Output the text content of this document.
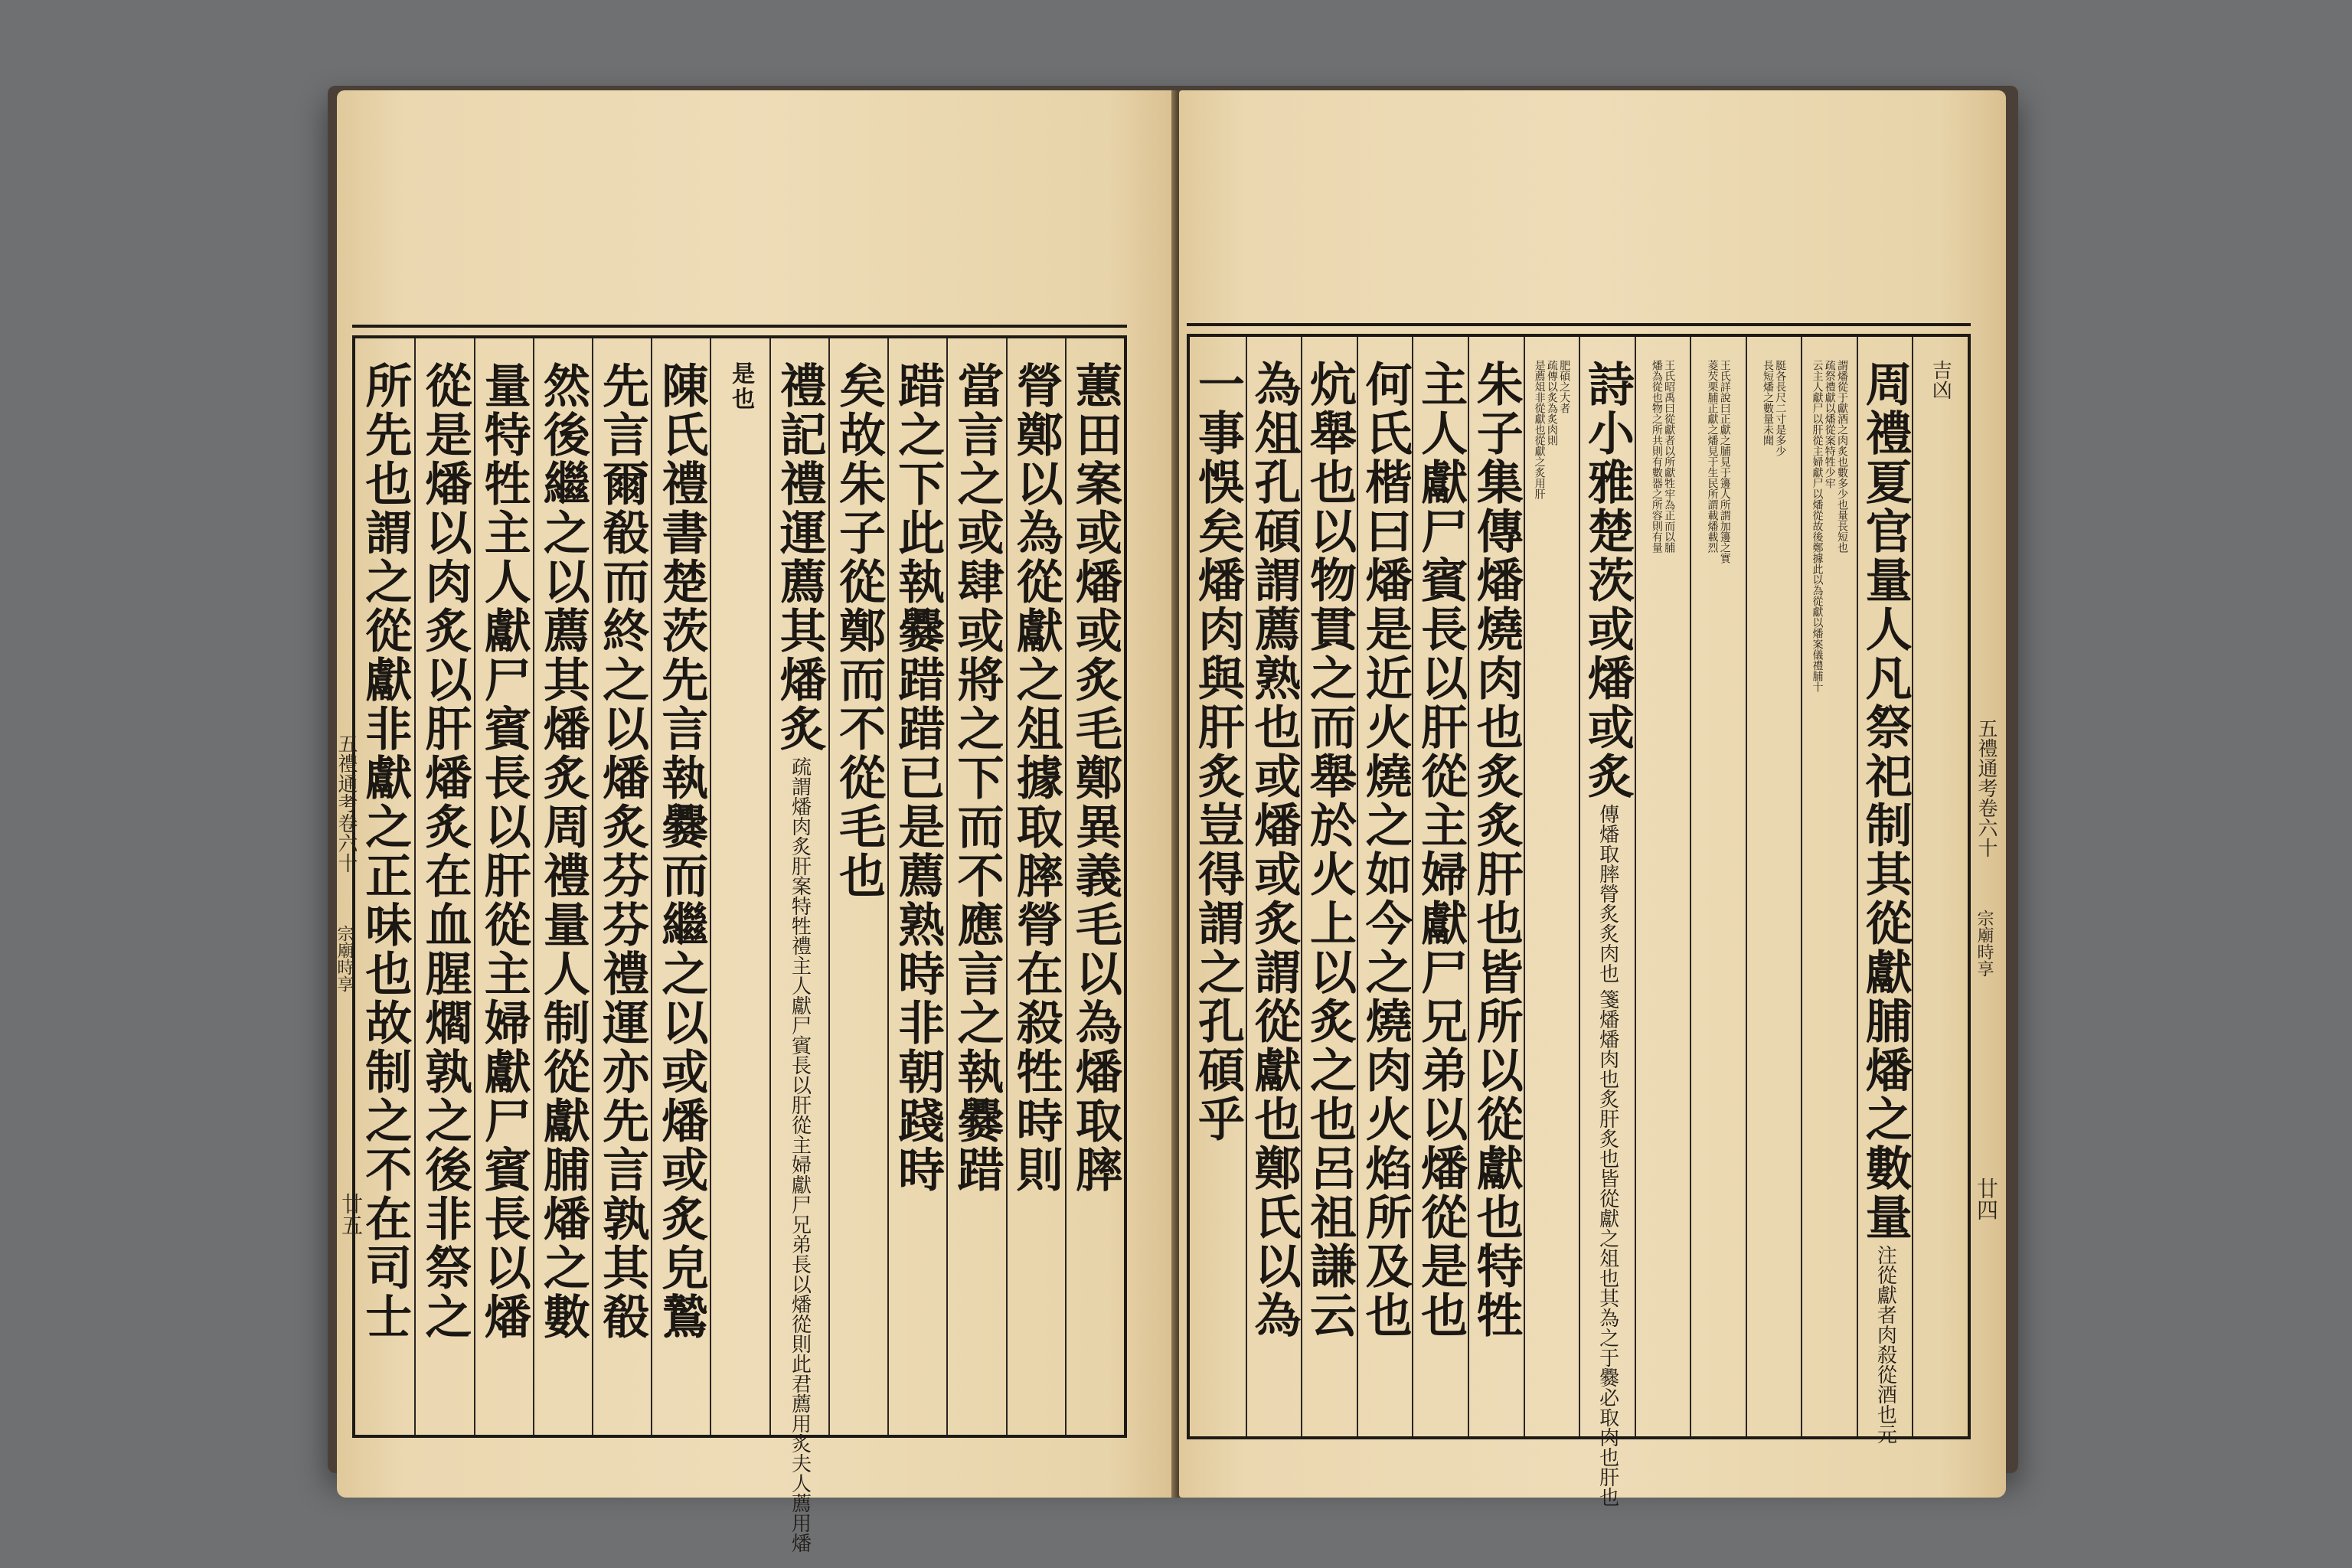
蕙田案或燔或炙毛鄭異義毛以為燔取膟
膋鄭以為從獻之俎據取膟膋在殺牲時則
當言之或肆或將之下而不應言之執爨踖
踖之下此執爨踖踖已是薦熟時非朝踐時
矣故朱子從鄭而不從毛也
禮記禮運薦其燔炙
疏謂燔肉炙肝案特牲禮主人獻尸賓長以肝從主婦獻尸兄弟長以燔從則此君薦用炙夫人薦用燔
是也
陳氏禮書楚茨先言執爨而繼之以或燔或炙皃鷙
先言爾殽而終之以燔炙芬芬禮運亦先言孰其殽
然後繼之以薦其燔炙周禮量人制從獻脯燔之數
量特牲主人獻尸賓長以肝從主婦獻尸賓長以燔
從是燔以肉炙以肝燔炙在血腥爓孰之後非祭之
所先也謂之從獻非獻之正味也故制之不在司士
五禮通考卷六十
宗廟時享
廿五
吉凶
周禮夏官量人凡祭祀制其從獻脯燔之數量
注從獻者肉殺從酒也元
謂燔從于獻酒之肉炙也數多少也量長短也
疏祭禮獻以燔從案特牲少牢
云主人獻尸以肝從主婦獻尸以燔從故後鄭據此以為從獻以燔案儀禮脯十
脡各長尺二寸是多少
長短燔之數量未聞
王氏詳說曰正獻之脯見于籩人所謂加籩之實
菱芡栗脯正獻之燔見于生民所謂載燔載烈
王氏昭禹曰從獻者以所獻牲牢為正而以脯
燔為從也物之所共則有數器之所容則有量
詩小雅楚茨或燔或炙
傳燔取膟膋炙炙肉也 箋燔燔肉也炙肝炙也皆從獻之俎也其為之于爨必取肉也肝也
肥碩之大者
疏傳以炙為炙肉則
是薦俎非從獻也從獻之炙用肝
朱子集傳燔燒肉也炙炙肝也皆所以從獻也特牲
主人獻尸賓長以肝從主婦獻尸兄弟以燔從是也
何氏楷曰燔是近火燒之如今之燒肉火焰所及也
炕舉也以物貫之而舉於火上以炙之也呂祖謙云
為俎孔碩謂薦熟也或燔或炙謂從獻也鄭氏以為
一事悞矣燔肉與肝炙豈得謂之孔碩乎	五禮通考卷六十
宗廟時享
廿四
